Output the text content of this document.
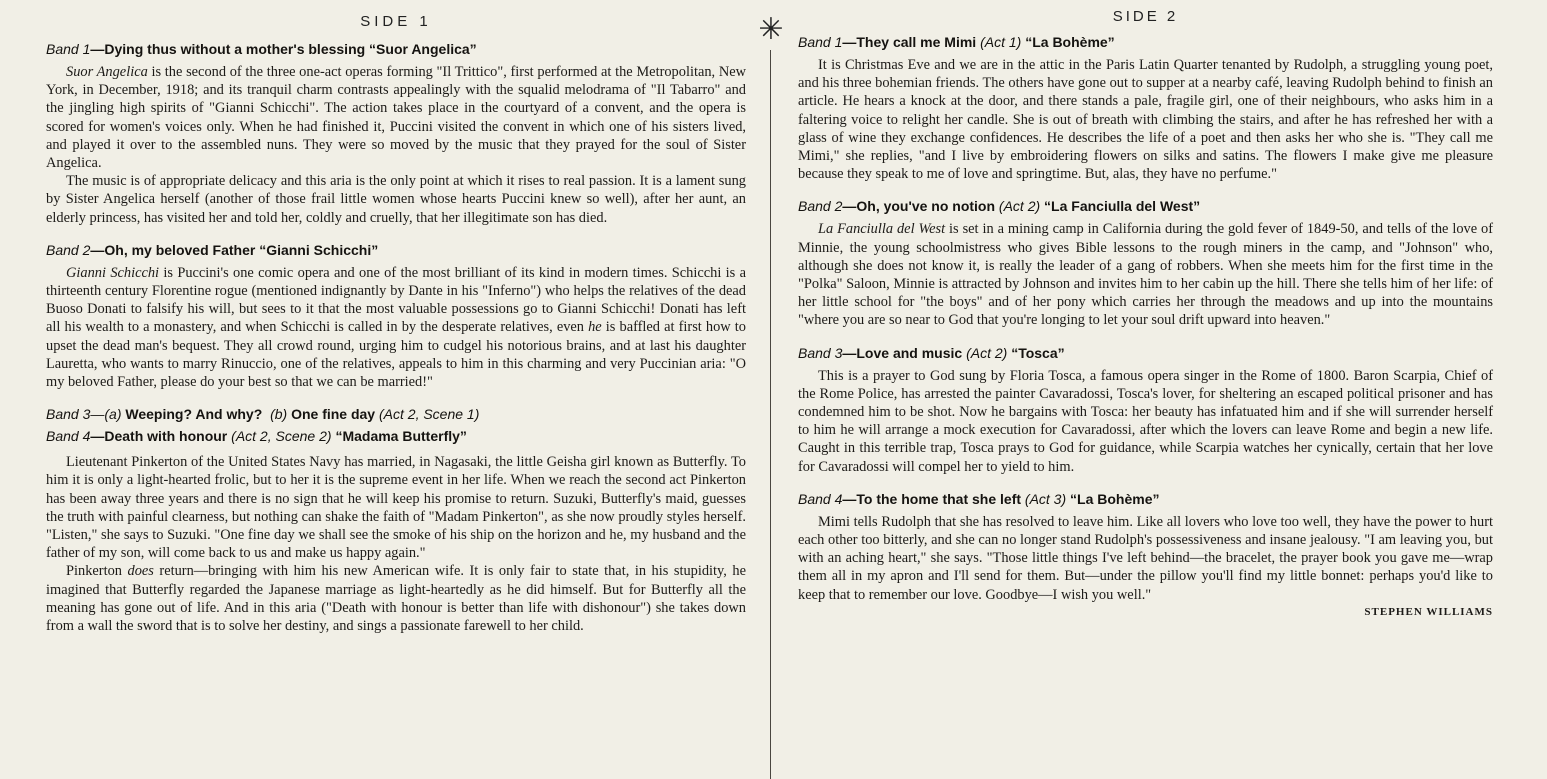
✳
SIDE 1
Band 1—Dying thus without a mother's blessing “Suor Angelica”

Suor Angelica is the second of the three one-act operas forming "Il Trittico", first performed at the Metropolitan, New York, in December, 1918; and its tranquil charm contrasts appealingly with the squalid melodrama of "Il Tabarro" and the jingling high spirits of "Gianni Schicchi". The action takes place in the courtyard of a convent, and the opera is scored for women's voices only. When he had finished it, Puccini visited the convent in which one of his sisters lived, and played it over to the assembled nuns. They were so moved by the music that they prayed for the soul of Sister Angelica.

The music is of appropriate delicacy and this aria is the only point at which it rises to real passion. It is a lament sung by Sister Angelica herself (another of those frail little women whose hearts Puccini knew so well), after her aunt, an elderly princess, has visited her and told her, coldly and cruelly, that her illegitimate son has died.

Band 2—Oh, my beloved Father “Gianni Schicchi”

Gianni Schicchi is Puccini's one comic opera and one of the most brilliant of its kind in modern times. Schicchi is a thirteenth century Florentine rogue (mentioned indignantly by Dante in his "Inferno") who helps the relatives of the dead Buoso Donati to falsify his will, but sees to it that the most valuable possessions go to Gianni Schicchi! Donati has left all his wealth to a monastery, and when Schicchi is called in by the desperate relatives, even he is baffled at first how to upset the dead man's bequest. They all crowd round, urging him to cudgel his notorious brains, and at last his daughter Lauretta, who wants to marry Rinuccio, one of the relatives, appeals to him in this charming and very Puccinian aria: "O my beloved Father, please do your best so that we can be married!"

Band 3—(a) Weeping? And why? (b) One fine day (Act 2, Scene 1)
Band 4—Death with honour (Act 2, Scene 2) “Madama Butterfly”

Lieutenant Pinkerton of the United States Navy has married, in Nagasaki, the little Geisha girl known as Butterfly. To him it is only a light-hearted frolic, but to her it is the supreme event in her life. When we reach the second act Pinkerton has been away three years and there is no sign that he will keep his promise to return. Suzuki, Butterfly's maid, guesses the truth with painful clearness, but nothing can shake the faith of "Madam Pinkerton", as she now proudly styles herself. "Listen," she says to Suzuki. "One fine day we shall see the smoke of his ship on the horizon and he, my husband and the father of my son, will come back to us and make us happy again."

Pinkerton does return—bringing with him his new American wife. It is only fair to state that, in his stupidity, he imagined that Butterfly regarded the Japanese marriage as light-heartedly as he did himself. But for Butterfly all the meaning has gone out of life. And in this aria ("Death with honour is better than life with dishonour") she takes down from a wall the sword that is to solve her destiny, and sings a passionate farewell to her child.

SIDE 2
Band 1—They call me Mimi (Act 1) “La Bohème”

It is Christmas Eve and we are in the attic in the Paris Latin Quarter tenanted by Rudolph, a struggling young poet, and his three bohemian friends. The others have gone out to supper at a nearby café, leaving Rudolph behind to finish an article. He hears a knock at the door, and there stands a pale, fragile girl, one of their neighbours, who asks him in a faltering voice to relight her candle. She is out of breath with climbing the stairs, and after he has refreshed her with a glass of wine they exchange confidences. He describes the life of a poet and then asks her who she is. "They call me Mimi," she replies, "and I live by embroidering flowers on silks and satins. The flowers I make give me pleasure because they speak to me of love and springtime. But, alas, they have no perfume."

Band 2—Oh, you've no notion (Act 2) “La Fanciulla del West”

La Fanciulla del West is set in a mining camp in California during the gold fever of 1849-50, and tells of the love of Minnie, the young schoolmistress who gives Bible lessons to the rough miners in the camp, and "Johnson" who, although she does not know it, is really the leader of a gang of robbers. When she meets him for the first time in the "Polka" Saloon, Minnie is attracted by Johnson and invites him to her cabin up the hill. There she tells him of her life: of her little school for "the boys" and of her pony which carries her through the meadows and up into the mountains "where you are so near to God that you're longing to let your soul drift upward into heaven."

Band 3—Love and music (Act 2) “Tosca”

This is a prayer to God sung by Floria Tosca, a famous opera singer in the Rome of 1800. Baron Scarpia, Chief of the Rome Police, has arrested the painter Cavaradossi, Tosca's lover, for sheltering an escaped political prisoner and has condemned him to be shot. Now he bargains with Tosca: her beauty has infatuated him and if she will surrender herself to him he will arrange a mock execution for Cavaradossi, after which the lovers can leave Rome and begin a new life. Caught in this terrible trap, Tosca prays to God for guidance, while Scarpia watches her cynically, certain that her love for Cavaradossi will compel her to yield to him.

Band 4—To the home that she left (Act 3) “La Bohème”

Mimi tells Rudolph that she has resolved to leave him. Like all lovers who love too well, they have the power to hurt each other too bitterly, and she can no longer stand Rudolph's possessiveness and insane jealousy. "I am leaving you, but with an aching heart," she says. "Those little things I've left behind—the bracelet, the prayer book you gave me—wrap them all in my apron and I'll send for them. But—under the pillow you'll find my little bonnet: perhaps you'd like to keep that to remember our love. Goodbye—I wish you well."

STEPHEN WILLIAMS
